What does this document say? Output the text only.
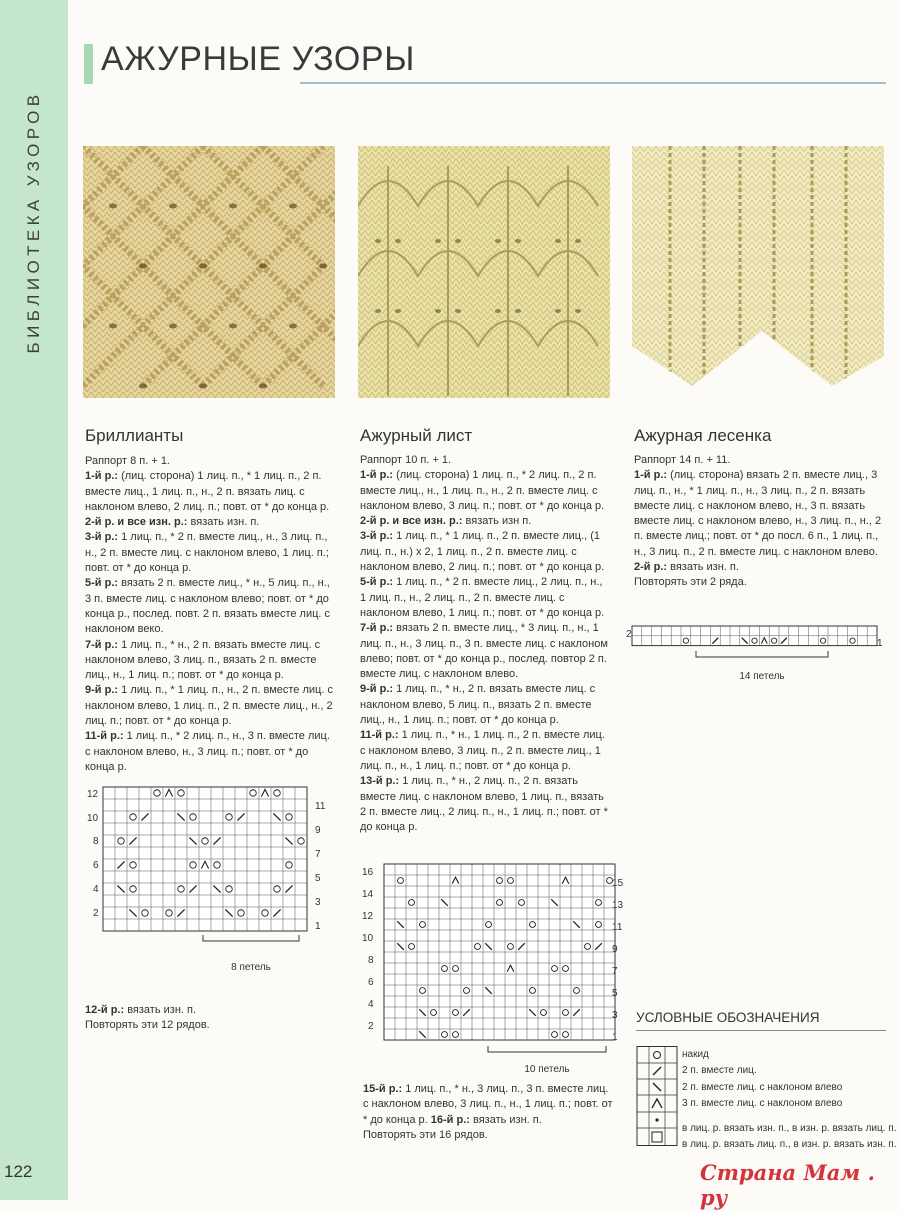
БИБЛИОТЕКА УЗОРОВ
122
АЖУРНЫЕ УЗОРЫ
Бриллианты

Раппорт 8 п. + 1.

1-й р.: (лиц. сторона) 1 лиц. п., * 1 лиц. п., 2 п. вместе лиц., 1 лиц. п., н., 2 п. вязать лиц. с наклоном влево, 2 лиц. п.; повт. от * до конца р.

2-й р. и все изн. р.: вязать изн. п.

3-й р.: 1 лиц. п., * 2 п. вместе лиц., н., 3 лиц. п., н., 2 п. вместе лиц. с наклоном влево, 1 лиц. п.; повт. от * до конца р.

5-й р.: вязать 2 п. вместе лиц., * н., 5 лиц. п., н., 3 п. вместе лиц. с наклоном влево; повт. от * до конца р., послед. повт. 2 п. вязать вместе лиц. с наклоном веко.

7-й р.: 1 лиц. п., * н., 2 п. вязать вместе лиц. с наклоном влево, 3 лиц. п., вязать 2 п. вместе лиц., н., 1 лиц. п.; повт. от * до конца р.

9-й р.: 1 лиц. п., * 1 лиц. п., н., 2 п. вместе лиц. с наклоном влево, 1 лиц. п., 2 п. вместе лиц., н., 2 лиц. п.; повт. от * до конца р.

11-й р.: 1 лиц. п., * 2 лиц. п., н., 3 п. вместе лиц. с наклоном влево, н., 3 лиц. п.; повт. от * до конца р.

12-й р.: вязать изн. п.

Повторять эти 12 рядов.

Ажурный лист

Раппорт 10 п. + 1.

1-й р.: (лиц. сторона) 1 лиц. п., * 2 лиц. п., 2 п. вместе лиц., н., 1 лиц. п., н., 2 п. вместе лиц. с наклоном влево, 3 лиц. п.; повт. от * до конца р.

2-й р. и все изн. р.: вязать изн п.

3-й р.: 1 лиц. п., * 1 лиц. п., 2 п. вместе лиц., (1 лиц. п., н.) х 2, 1 лиц. п., 2 п. вместе лиц. с наклоном влево, 2 лиц. п.; повт. от * до конца р.

5-й р.: 1 лиц. п., * 2 п. вместе лиц., 2 лиц. п., н., 1 лиц. п., н., 2 лиц. п., 2 п. вместе лиц. с наклоном влево, 1 лиц. п.; повт. от * до конца р.

7-й р.: вязать 2 п. вместе лиц., * 3 лиц. п., н., 1 лиц. п., н., 3 лиц. п., 3 п. вместе лиц. с наклоном влево; повт. от * до конца р., послед. повтор 2 п. вместе лиц. с наклоном влево.

9-й р.: 1 лиц. п., * н., 2 п. вязать вместе лиц. с наклоном влево, 5 лиц. п., вязать 2 п. вместе лиц., н., 1 лиц. п.; повт. от * до конца р.

11-й р.: 1 лиц. п., * н., 1 лиц. п., 2 п. вместе лиц. с наклоном влево, 3 лиц. п., 2 п. вместе лиц., 1 лиц. п., н., 1 лиц. п.; повт. от * до конца р.

13-й р.: 1 лиц. п., * н., 2 лиц. п., 2 п. вязать вместе лиц. с наклоном влево, 1 лиц. п., вязать 2 п. вместе лиц., 2 лиц. п., н., 1 лиц. п.; повт. от * до конца р.

15-й р.: 1 лиц. п., * н., 3 лиц. п., 3 п. вместе лиц. с наклоном влево, 3 лиц. п., н., 1 лиц. п.; повт. от * до конца р. 16-й р.: вязать изн. п.

Повторять эти 16 рядов.

Ажурная лесенка

Раппорт 14 п. + 11.

1-й р.: (лиц. сторона) вязать 2 п. вместе лиц., 3 лиц. п., н., * 1 лиц. п., н., 3 лиц. п., 2 п. вязать вместе лиц. с наклоном влево, н., 3 п. вязать вместе лиц. с наклоном влево, н., 3 лиц. п., н., 2 п. вместе лиц.; повт. от * до посл. 6 п., 1 лиц. п., н., 3 лиц. п., 2 п. вместе лиц. с наклоном влево.

2-й р.: вязать изн. п.

Повторять эти 2 ряда.

12
10
8
6
4
2
11
9
7
5
3
1
8 петель
16
14
12
10
8
6
4
2
15
13
11
9
7
5
3
1
10 петель
2
1
14 петель
УСЛОВНЫЕ ОБОЗНАЧЕНИЯ
накид
2 п. вместе лиц.
2 п. вместе лиц. с наклоном влево
3 п. вместе лиц. с наклоном влево
в лиц. р. вязать изн. п., в изн. р. вязать лиц. п.
в лиц. р. вязать лиц. п., в изн. р. вязать изн. п.
Страна Мам . ру
